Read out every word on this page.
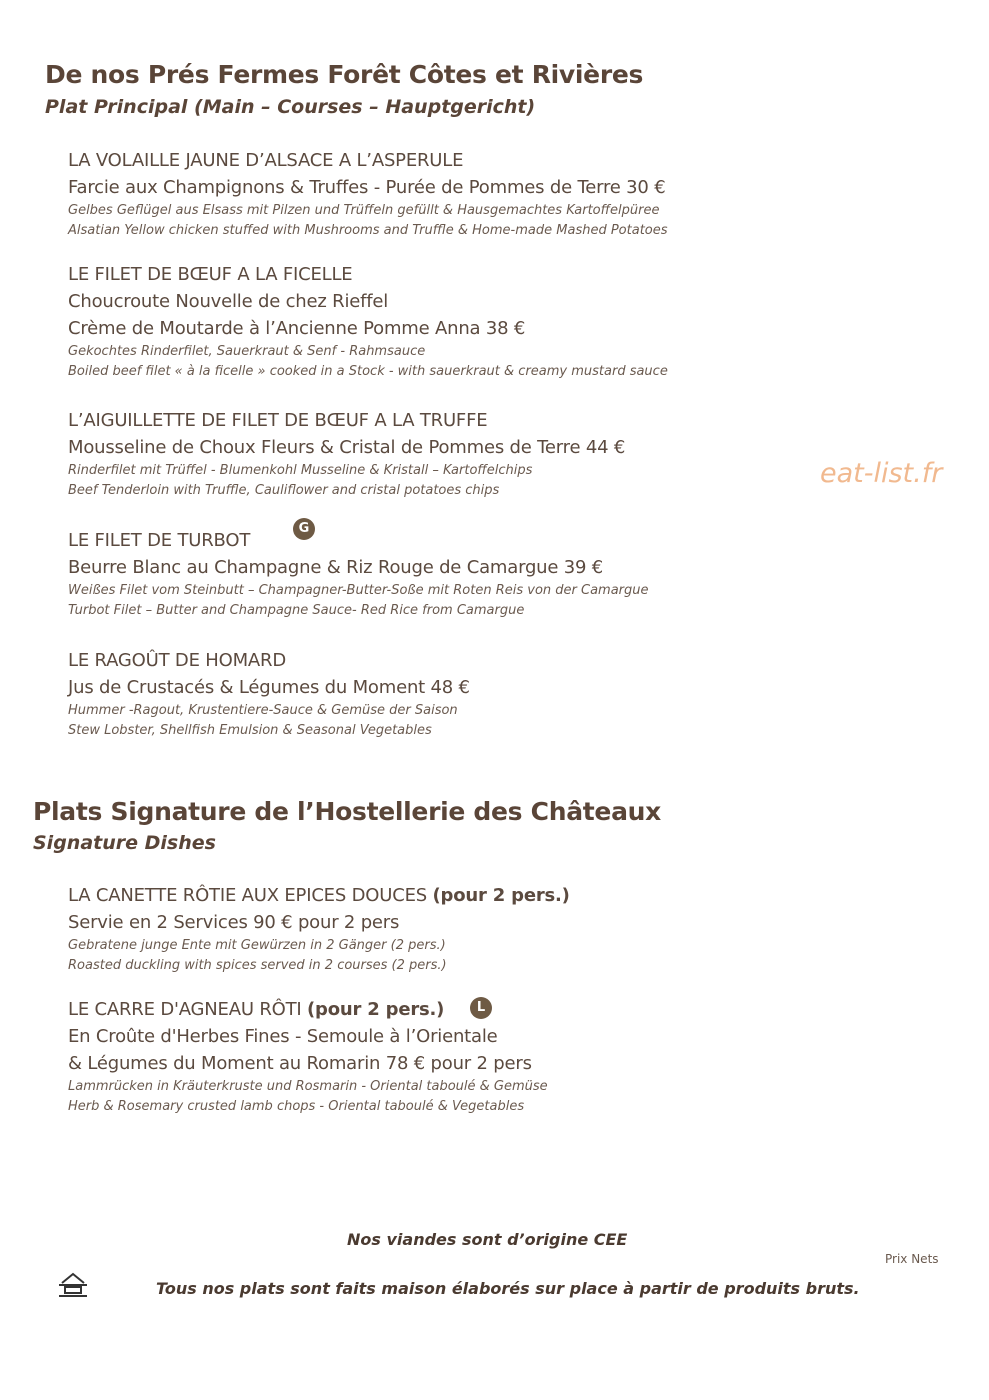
De nos Prés Fermes Forêt Côtes et Rivières
Plat Principal (Main – Courses – Hauptgericht)
LA VOLAILLE JAUNE D’ALSACE A L’ASPERULE
Farcie aux Champignons & Truffes - Purée de Pommes de Terre 30 €
Gelbes Geflügel aus Elsass mit Pilzen und Trüffeln gefüllt & Hausgemachtes Kartoffelpüree
Alsatian Yellow chicken stuffed with Mushrooms and Truffle & Home-made Mashed Potatoes
LE FILET DE BŒUF A LA FICELLE
Choucroute Nouvelle de chez Rieffel
Crème de Moutarde à l’Ancienne Pomme Anna 38 €
Gekochtes Rinderfilet, Sauerkraut & Senf - Rahmsauce
Boiled beef filet « à la ficelle » cooked in a Stock - with sauerkraut & creamy mustard sauce
L’AIGUILLETTE DE FILET DE BŒUF A LA TRUFFE
Mousseline de Choux Fleurs & Cristal de Pommes de Terre 44 €
Rinderfilet mit Trüffel - Blumenkohl Musseline & Kristall – Kartoffelchips
Beef Tenderloin with Truffle, Cauliflower and cristal potatoes chips
eat-list.fr
LE FILET DE TURBOT
Beurre Blanc au Champagne & Riz Rouge de Camargue 39 €
Weißes Filet vom Steinbutt – Champagner-Butter-Soße mit Roten Reis von der Camargue
Turbot Filet – Butter and Champagne Sauce- Red Rice from Camargue
G
LE RAGOÛT DE HOMARD
Jus de Crustacés & Légumes du Moment 48 €
Hummer -Ragout, Krustentiere-Sauce & Gemüse der Saison
Stew Lobster, Shellfish Emulsion & Seasonal Vegetables
Plats Signature de l’Hostellerie des Châteaux
Signature Dishes
LA CANETTE RÔTIE AUX EPICES DOUCES (pour 2 pers.)
Servie en 2 Services 90 € pour 2 pers
Gebratene junge Ente mit Gewürzen in 2 Gänger (2 pers.)
Roasted duckling with spices served in 2 courses (2 pers.)
LE CARRE D'AGNEAU RÔTI (pour 2 pers.)
En Croûte d'Herbes Fines - Semoule à l’Orientale
& Légumes du Moment au Romarin 78 € pour 2 pers
Lammrücken in Kräuterkruste und Rosmarin - Oriental taboulé & Gemüse
Herb & Rosemary crusted lamb chops - Oriental taboulé & Vegetables
L
Nos viandes sont d’origine CEE
Prix Nets
Tous nos plats sont faits maison élaborés sur place à partir de produits bruts.
